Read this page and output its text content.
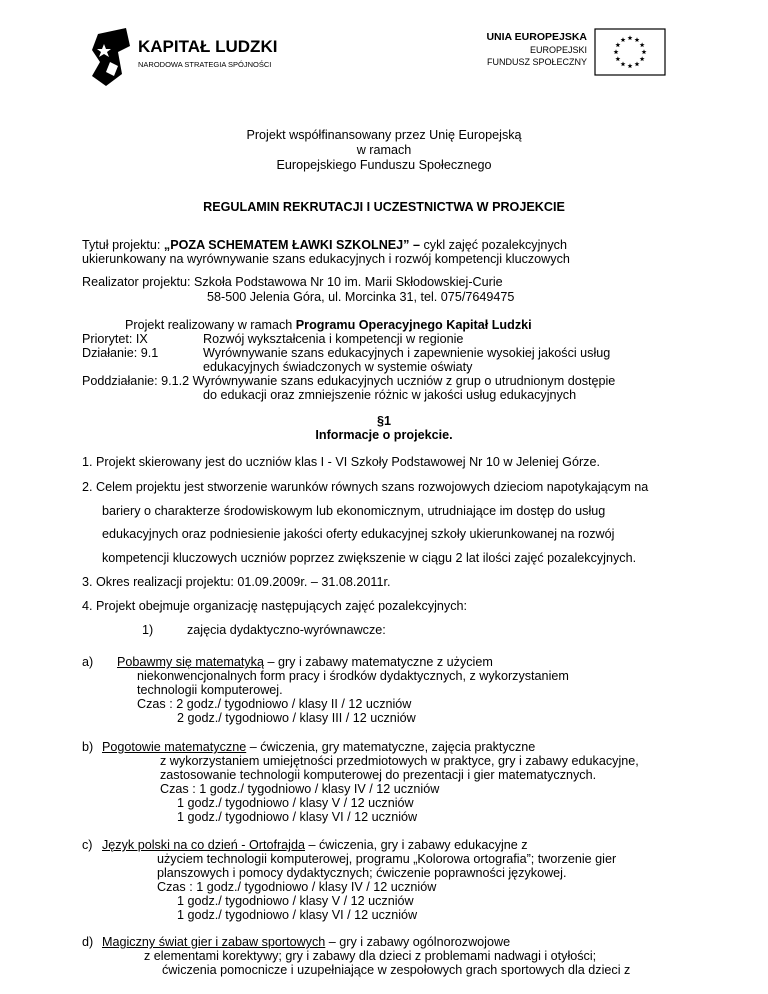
KAPITAŁ LUDZKI
NARODOWA STRATEGIA SPÓJNOŚCI
UNIA EUROPEJSKA
EUROPEJSKI
FUNDUSZ SPOŁECZNY
Projekt współfinansowany przez Unię Europejską
w ramach
Europejskiego Funduszu Społecznego
REGULAMIN REKRUTACJI I UCZESTNICTWA W PROJEKCIE
Tytuł projektu: „POZA SCHEMATEM ŁAWKI SZKOLNEJ” – cykl zajęć pozalekcyjnych
ukierunkowany na wyrównywanie szans edukacyjnych i rozwój kompetencji kluczowych
Realizator projektu: Szkoła Podstawowa Nr 10 im. Marii Skłodowskiej-Curie
58-500 Jelenia Góra, ul. Morcinka 31, tel. 075/7649475
Projekt realizowany w ramach Programu Operacyjnego Kapitał Ludzki
Priorytet: IX	Rozwój wykształcenia i kompetencji w regionie
Działanie: 9.1	Wyrównywanie szans edukacyjnych i zapewnienie wysokiej jakości usług
edukacyjnych świadczonych w systemie oświaty
Poddziałanie: 9.1.2 Wyrównywanie szans edukacyjnych uczniów z grup o utrudnionym dostępie
do edukacji oraz zmniejszenie różnic w jakości usług edukacyjnych
§1
Informacje o projekcie.
1. Projekt skierowany jest do uczniów klas I - VI Szkoły Podstawowej Nr 10 w Jeleniej Górze.
2. Celem projektu jest stworzenie warunków równych szans rozwojowych dzieciom napotykającym na
bariery o charakterze środowiskowym lub ekonomicznym, utrudniające im dostęp do usług
edukacyjnych oraz podniesienie jakości oferty edukacyjnej szkoły ukierunkowanej na rozwój
kompetencji kluczowych uczniów poprzez zwiększenie w ciągu 2 lat ilości zajęć pozalekcyjnych.
3. Okres realizacji projektu: 01.09.2009r. – 31.08.2011r.
4. Projekt obejmuje organizację następujących zajęć pozalekcyjnych:
1)	zajęcia dydaktyczno-wyrównawcze:
a) Pobawmy się matematyką – gry i zabawy matematyczne z użyciem
niekonwencjonalnych form pracy i środków dydaktycznych, z wykorzystaniem
technologii komputerowej.
Czas : 2 godz./ tygodniowo / klasy II / 12 uczniów
2 godz./ tygodniowo / klasy III / 12 uczniów
b) Pogotowie matematyczne – ćwiczenia, gry matematyczne, zajęcia praktyczne
z wykorzystaniem umiejętności przedmiotowych w praktyce, gry i zabawy edukacyjne,
zastosowanie technologii komputerowej do prezentacji i gier matematycznych.
Czas : 1 godz./ tygodniowo / klasy IV / 12 uczniów
1 godz./ tygodniowo / klasy V / 12 uczniów
1 godz./ tygodniowo / klasy VI / 12 uczniów
c) Język polski na co dzień - Ortofrajda – ćwiczenia, gry i zabawy edukacyjne z
użyciem technologii komputerowej, programu „Kolorowa ortografia”; tworzenie gier
planszowych i pomocy dydaktycznych; ćwiczenie poprawności językowej.
Czas : 1 godz./ tygodniowo / klasy IV / 12 uczniów
1 godz./ tygodniowo / klasy V / 12 uczniów
1 godz./ tygodniowo / klasy VI / 12 uczniów
d) Magiczny świat gier i zabaw sportowych – gry i zabawy ogólnorozwojowe
z elementami korektywy; gry i zabawy dla dzieci z problemami nadwagi i otyłości;
ćwiczenia pomocnicze i uzupełniające w zespołowych grach sportowych dla dzieci z
